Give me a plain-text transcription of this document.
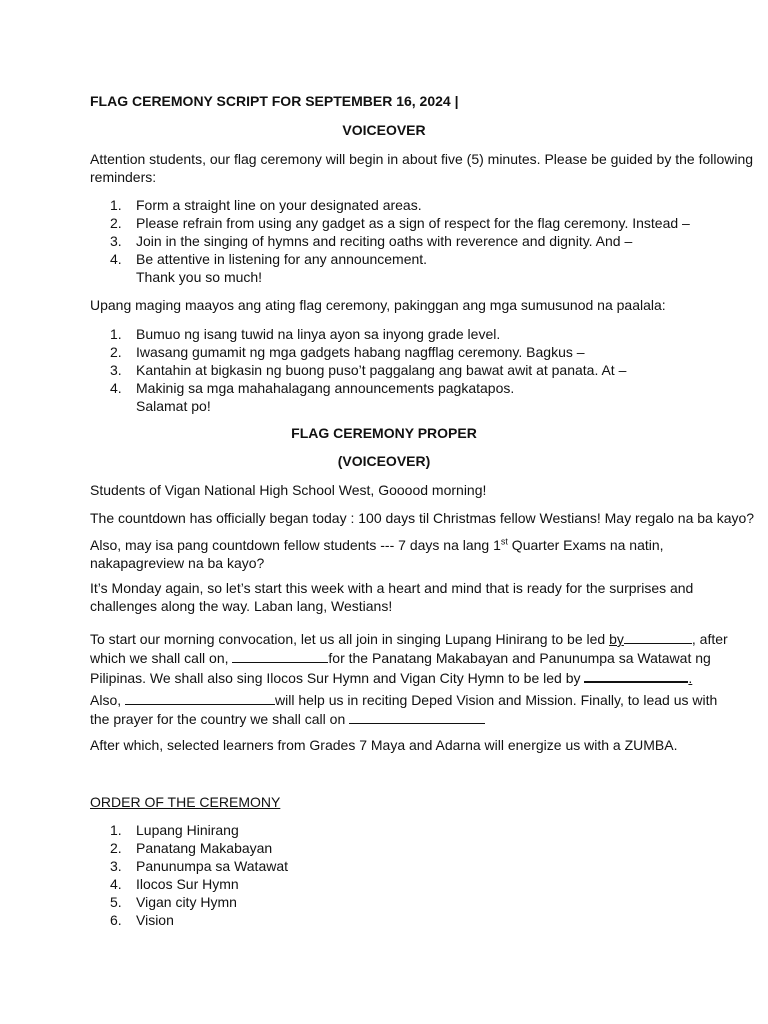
FLAG CEREMONY SCRIPT FOR SEPTEMBER 16, 2024 |
VOICEOVER
Attention students, our flag ceremony will begin in about five (5) minutes. Please be guided by the following
reminders:
1. Form a straight line on your designated areas.
2. Please refrain from using any gadget as a sign of respect for the flag ceremony. Instead –
3. Join in the singing of hymns and reciting oaths with reverence and dignity. And –
4. Be attentive in listening for any announcement.
Thank you so much!
Upang maging maayos ang ating flag ceremony, pakinggan ang mga sumusunod na paalala:
1. Bumuo ng isang tuwid na linya ayon sa inyong grade level.
2. Iwasang gumamit ng mga gadgets habang nagfflag ceremony. Bagkus –
3. Kantahin at bigkasin ng buong puso’t paggalang ang bawat awit at panata. At –
4. Makinig sa mga mahahalagang announcements pagkatapos.
Salamat po!
FLAG CEREMONY PROPER
(VOICEOVER)
Students of Vigan National High School West, Gooood morning!
The countdown has officially began today : 100 days til Christmas fellow Westians! May regalo na ba kayo?
Also, may isa pang countdown fellow students --- 7 days na lang 1st Quarter Exams na natin,
nakapagreview na ba kayo?
It’s Monday again, so let’s start this week with a heart and mind that is ready for the surprises and
challenges along the way. Laban lang, Westians!
To start our morning convocation, let us all join in singing Lupang Hinirang to be led by	, after
which we shall call on,	for the Panatang Makabayan and Panunumpa sa Watawat ng
Pilipinas. We shall also sing Ilocos Sur Hymn and Vigan City Hymn to be led by	.
Also,	will help us in reciting Deped Vision and Mission. Finally, to lead us with
the prayer for the country we shall call on
After which, selected learners from Grades 7 Maya and Adarna will energize us with a ZUMBA.
ORDER OF THE CEREMONY
1. Lupang Hinirang
2. Panatang Makabayan
3. Panunumpa sa Watawat
4. Ilocos Sur Hymn
5. Vigan city Hymn
6. Vision
